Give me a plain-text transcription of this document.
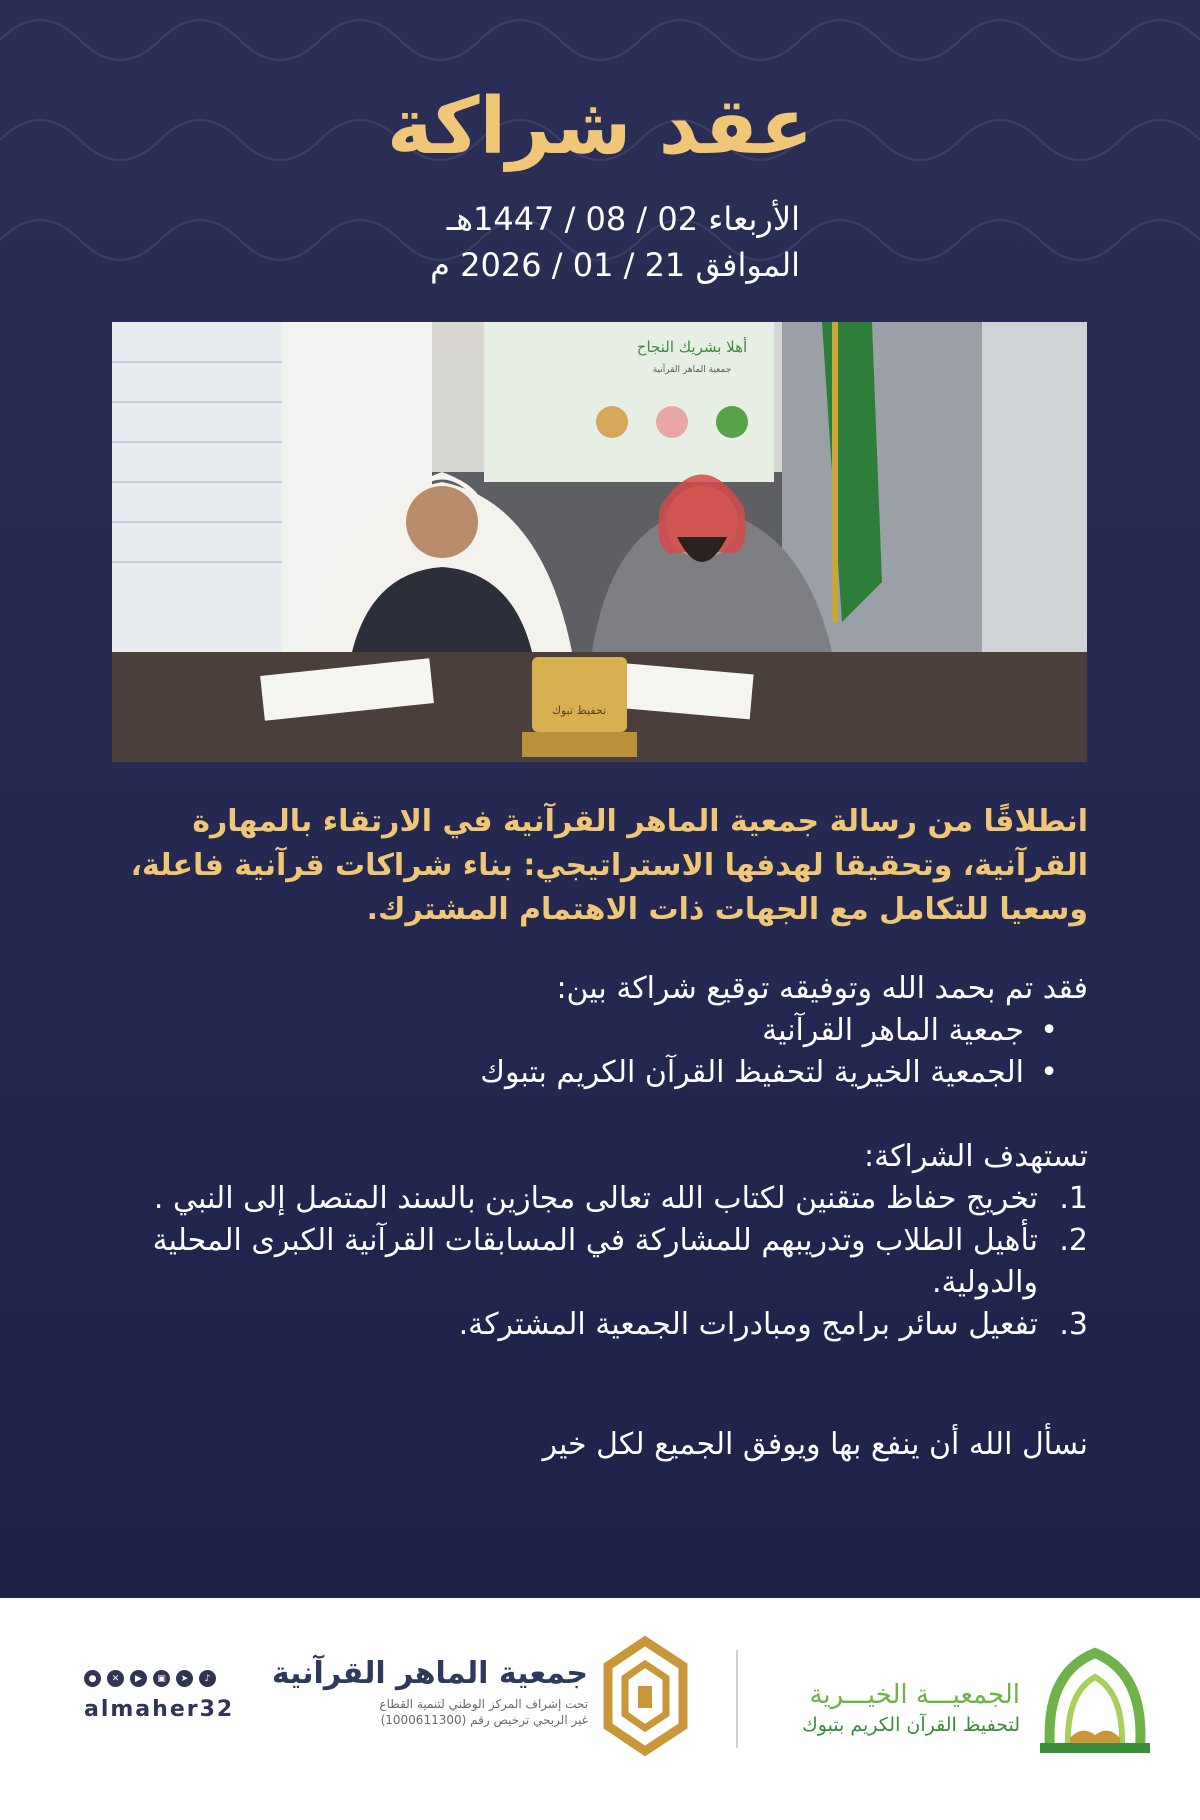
عقد شراكة
الأربعاء 02 / 08 / 1447هـ
الموافق 21 / 01 / 2026 م
أهلا بشريك النجاح
جمعية الماهر القرآنية
تحفيظ تبوك
انطلاقًا من رسالة جمعية الماهر القرآنية في الارتقاء بالمهارة القرآنية، وتحقيقا لهدفها الاستراتيجي: بناء شراكات قرآنية فاعلة، وسعيا للتكامل مع الجهات ذات الاهتمام المشترك.
فقد تم بحمد الله وتوفيقه توقيع شراكة بين:
• جمعية الماهر القرآنية
• الجمعية الخيرية لتحفيظ القرآن الكريم بتبوك
تستهدف الشراكة:
1.
تخريج حفاظ متقنين لكتاب الله تعالى مجازين بالسند المتصل إلى النبي .
2.
تأهيل الطلاب وتدريبهم للمشاركة في المسابقات القرآنية الكبرى المحلية والدولية.
3.
تفعيل سائر برامج ومبادرات الجمعية المشتركة.
نسأل الله أن ينفع بها ويوفق الجميع لكل خير
الجمعيـــة الخيـــرية
لتحفيظ القرآن الكريم بتبوك
جمعية الماهر القرآنية
تحت إشراف المركز الوطني لتنمية القطاع
غير الربحي ترخيص رقم (1000611300)
●	✕	▶	▣	➤	♪
almaher32
